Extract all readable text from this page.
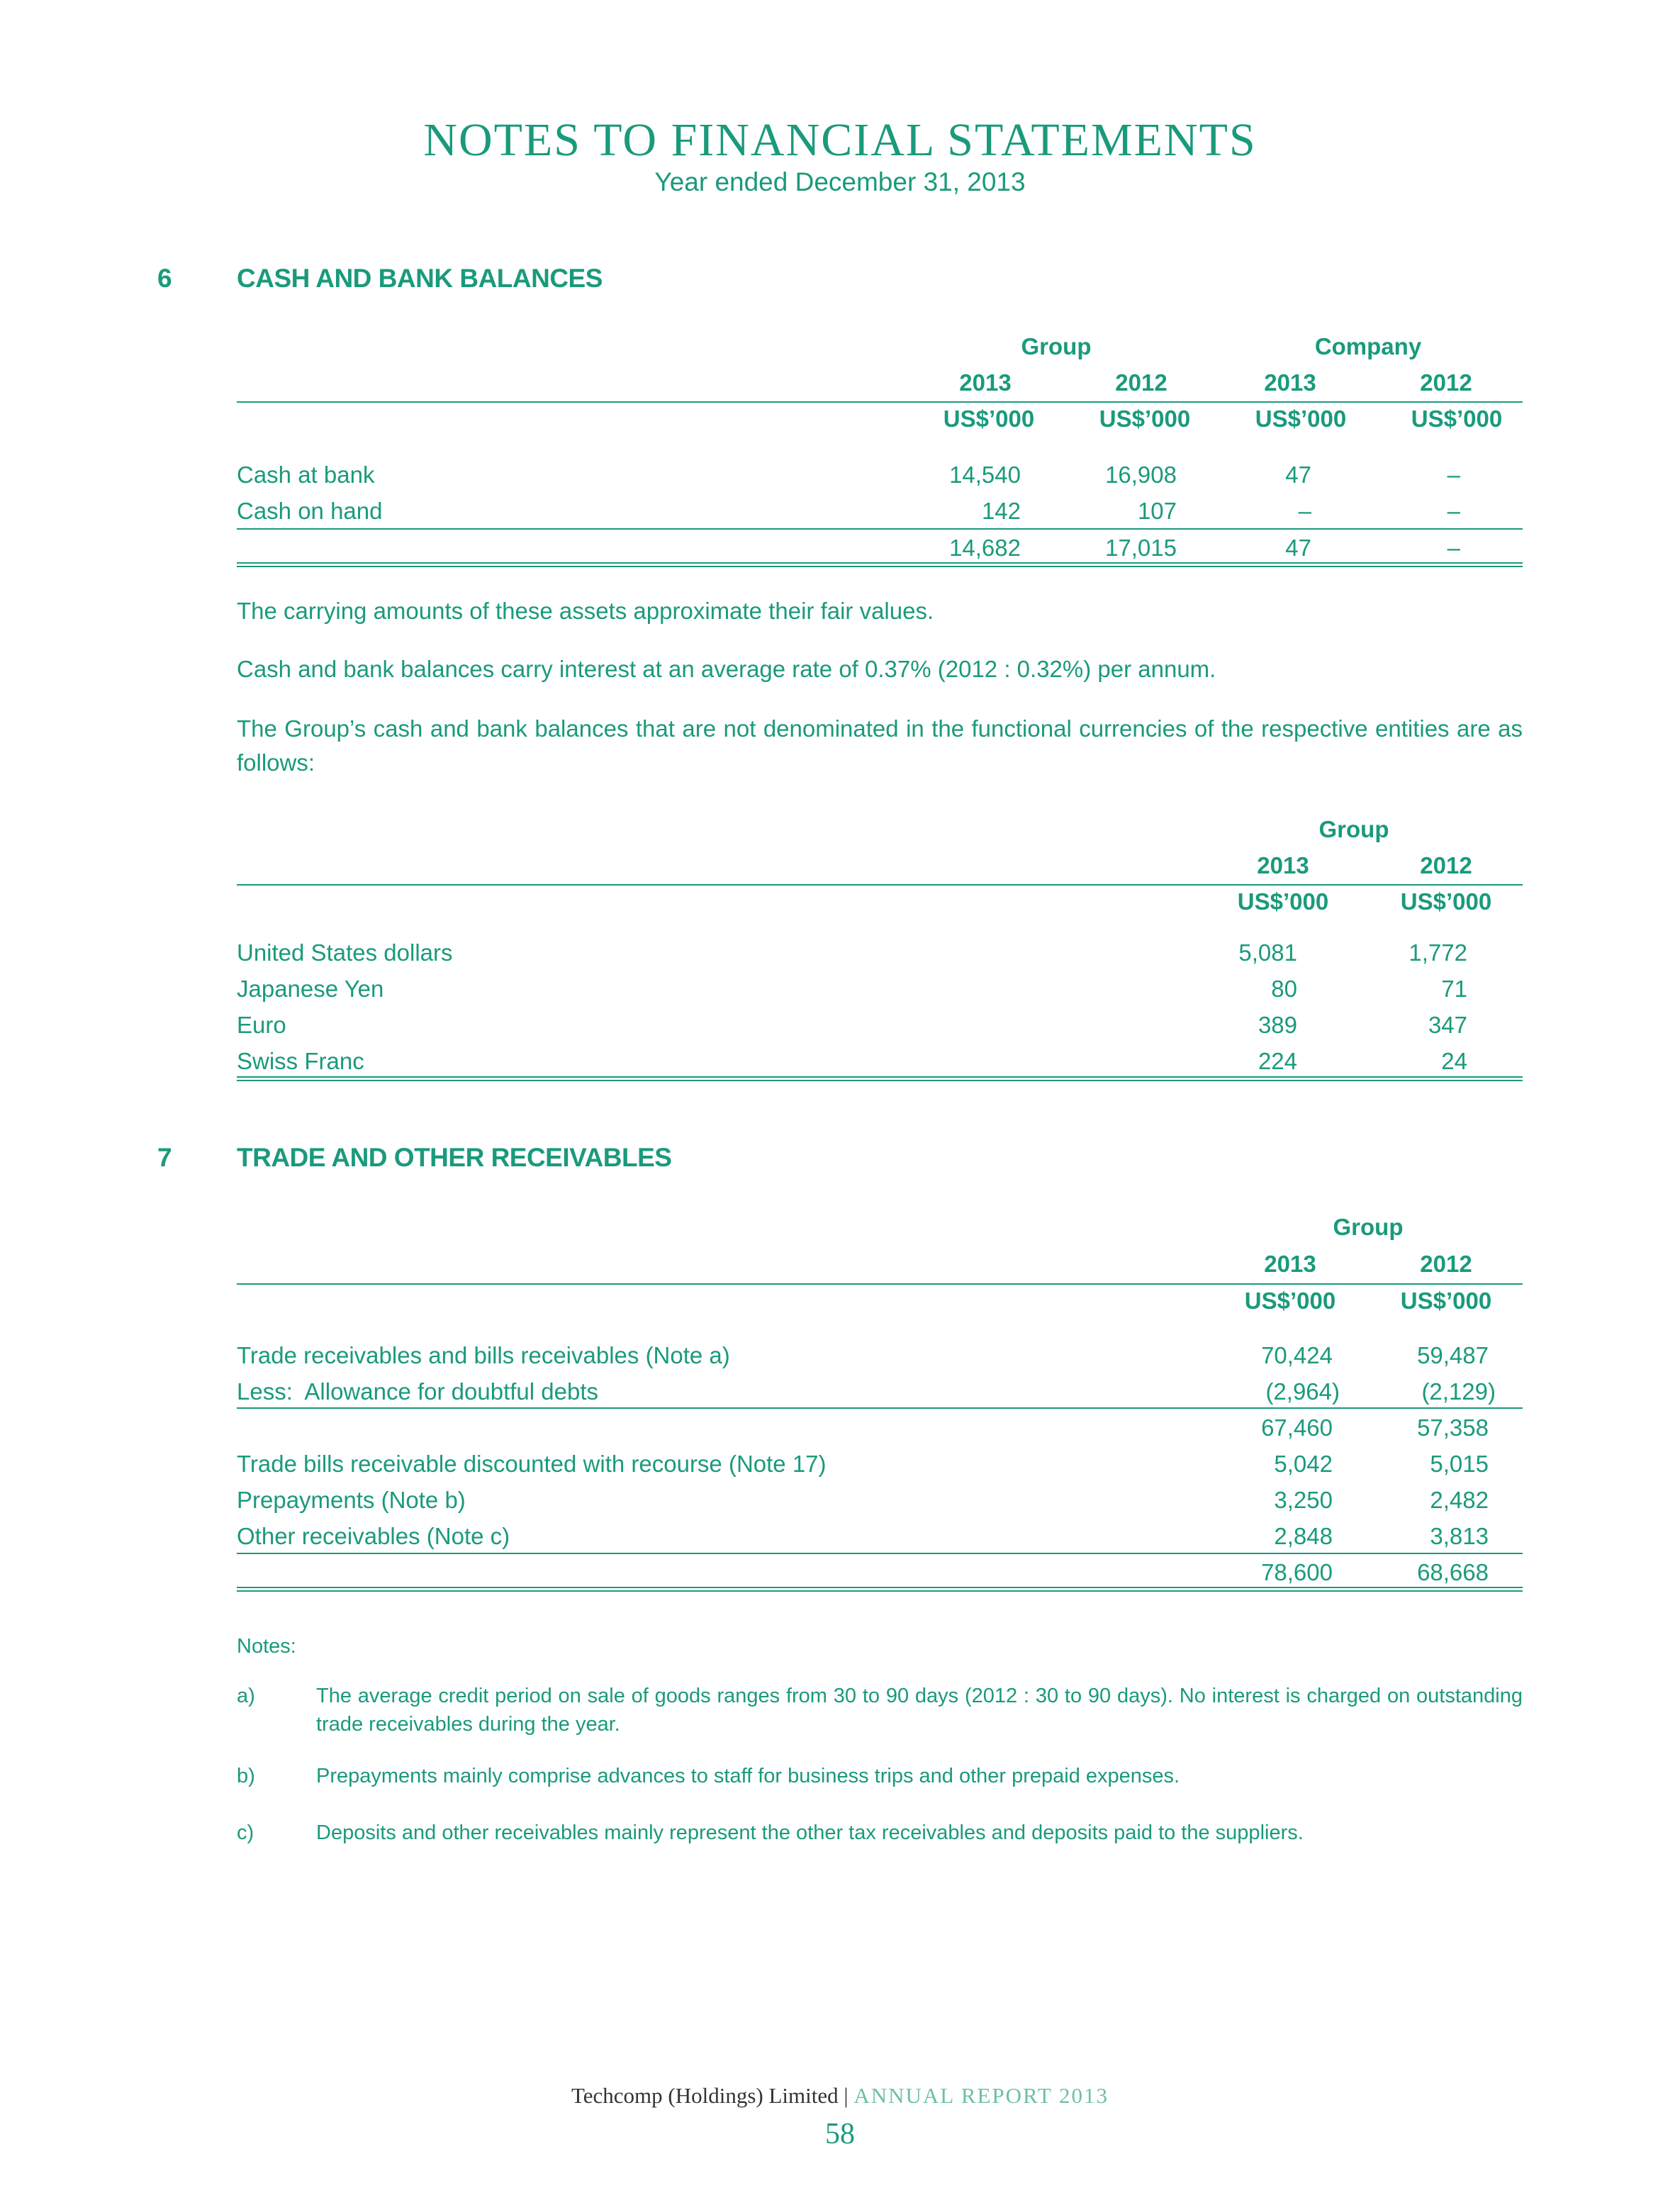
NOTES TO FINANCIAL STATEMENTS
Year ended December 31, 2013
6 CASH AND BANK BALANCES
Group	Company
2013	2012	2013	2012
US$’000	US$’000	US$’000	US$’000
Cash at bank	14,540	16,908	47	–
Cash on hand	142	107	–	–
14,682	17,015	47	–
The carrying amounts of these assets approximate their fair values.
Cash and bank balances carry interest at an average rate of 0.37% (2012 : 0.32%) per annum.
The Group’s cash and bank balances that are not denominated in the functional currencies of the respective entities are as follows:
Group
2013	2012
US$’000	US$’000
United States dollars	5,081	1,772
Japanese Yen	80	71
Euro	389	347
Swiss Franc	224	24
7 TRADE AND OTHER RECEIVABLES
Group
2013	2012
US$’000	US$’000
Trade receivables and bills receivables (Note a)	70,424	59,487
Less:  Allowance for doubtful debts	(2,964)	(2,129)
67,460	57,358
Trade bills receivable discounted with recourse (Note 17)	5,042	5,015
Prepayments (Note b)	3,250	2,482
Other receivables (Note c)	2,848	3,813
78,600	68,668
Notes:
a)	The average credit period on sale of goods ranges from 30 to 90 days (2012 : 30 to 90 days). No interest is charged on outstanding trade receivables during the year.
b)	Prepayments mainly comprise advances to staff for business trips and other prepaid expenses.
c)	Deposits and other receivables mainly represent the other tax receivables and deposits paid to the suppliers.
Techcomp (Holdings) Limited | ANNUAL REPORT 2013
58
